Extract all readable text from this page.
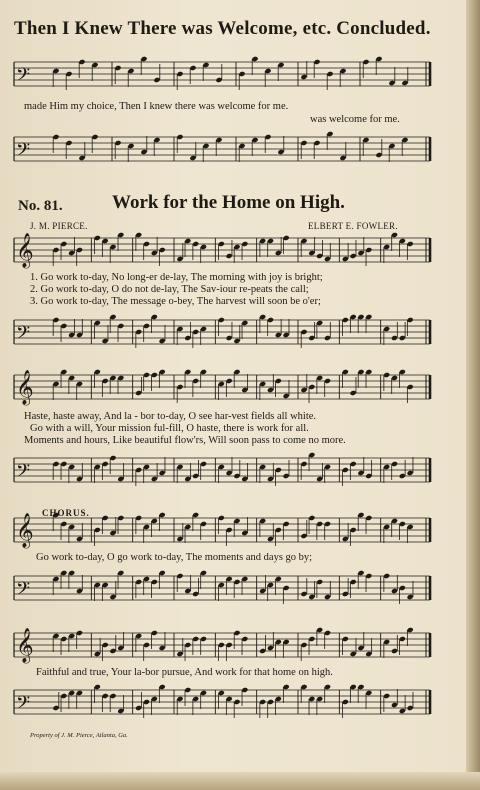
𝄢
𝄢
𝄞
𝄢
𝄞
𝄢
𝄞
𝄢
𝄞
𝄢
Then I Knew There was Welcome, etc. Concluded.
made Him my choice, Then I knew there was welcome for me.
was welcome for me.
No. 81.	Work for the Home on High.
J. M. PIERCE.	ELBERT E. FOWLER.
1. Go work to-day, No long-er de-lay, The morning with joy is bright;
2. Go work to-day, O do not de-lay, The Sav-iour re-peats the call;
3. Go work to-day, The message o-bey, The harvest will soon be o'er;
Haste, haste away, And la - bor to-day, O see har-vest fields all white.
Go with a will, Your mission ful-fill, O haste, there is work for all.
Moments and hours, Like beautiful flow'rs, Will soon pass to come no more.
CHORUS.
Go work to-day, O go work to-day, The moments and days go by;
Faithful and true, Your la-bor pursue, And work for that home on high.
Property of J. M. Pierce, Atlanta, Ga.
